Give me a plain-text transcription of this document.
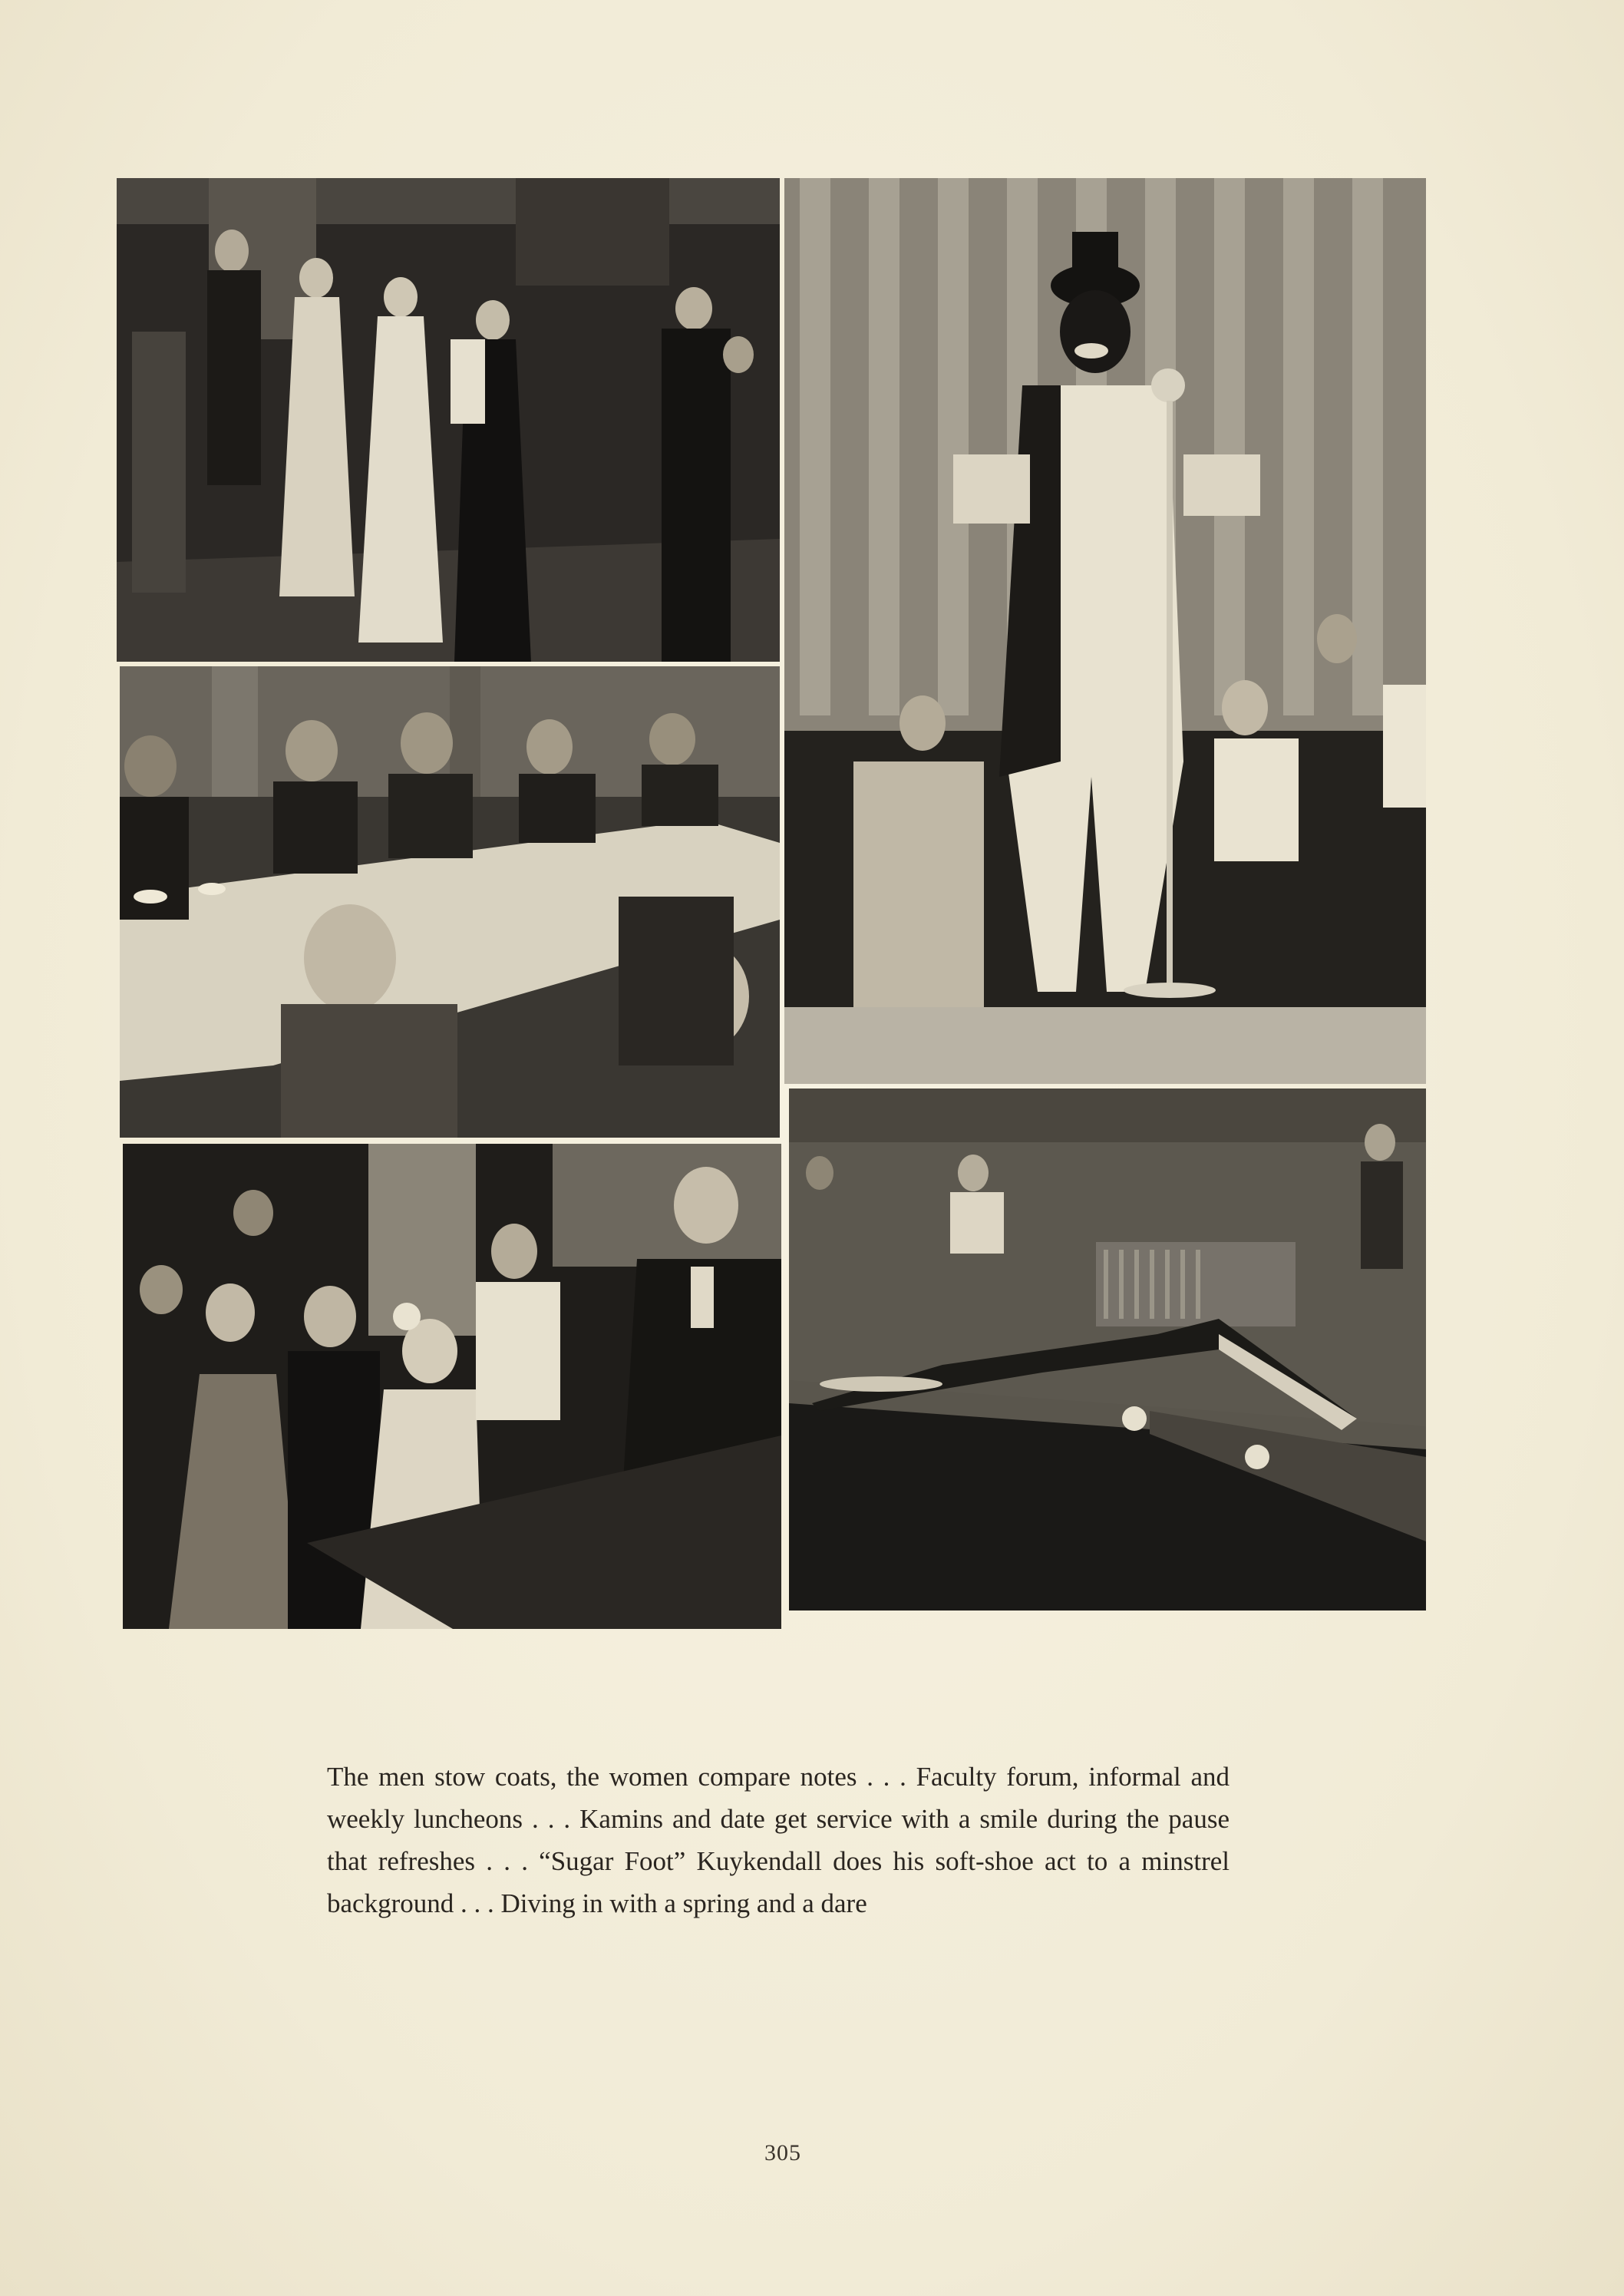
The men stow coats, the women compare notes . . . Faculty forum, informal and weekly luncheons . . . Kamins and date get service with a smile during the pause that refreshes . . . “Sugar Foot” Kuykendall does his soft-shoe act to a minstrel background . . . Diving in with a spring and a dare

305
